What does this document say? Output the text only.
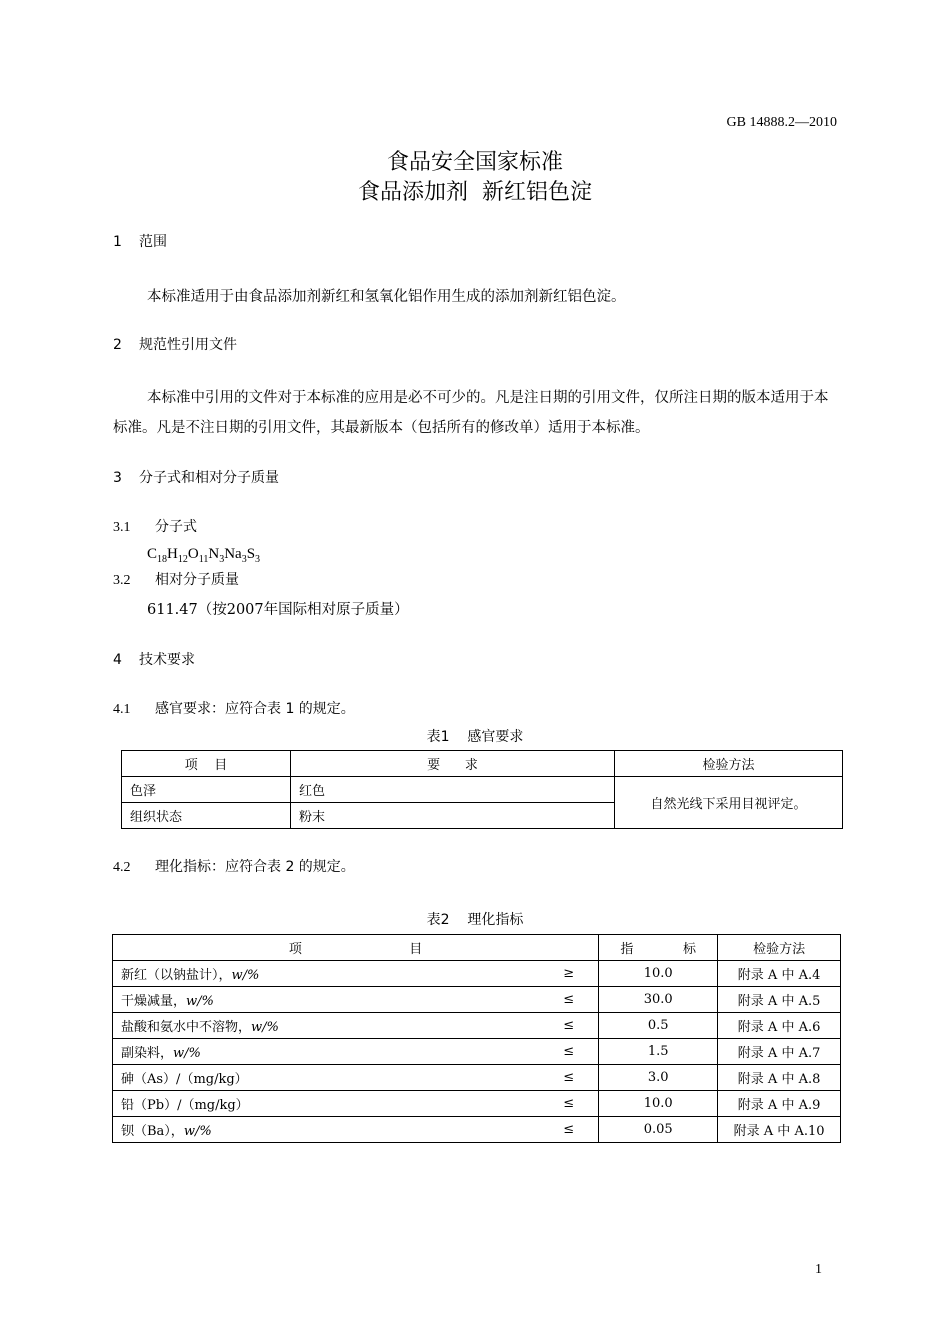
GB 14888.2—2010
食品安全国家标准
食品添加剂  新红铝色淀
1 范围
本标准适用于由食品添加剂新红和氢氧化铝作用生成的添加剂新红铝色淀。
2 规范性引用文件
本标准中引用的文件对于本标准的应用是必不可少的。凡是注日期的引用文件，仅所注日期的版本适用于本标准。凡是不注日期的引用文件，其最新版本（包括所有的修改单）适用于本标准。
3 分子式和相对分子质量
3.1 分子式
$C_{18}H_{12}O_{11}N_3Na_3S_3$
3.2 相对分子质量
611.47（按2007年国际相对原子质量）
4 技术要求
4.1 感官要求：应符合表 1 的规定。
表1    感官要求
项    目	要      求	检验方法
色泽	红色	自然光线下采用目视评定。
组织状态	粉末	
4.2 理化指标：应符合表 2 的规定。
表2    理化指标
项                          目		指            标	检验方法
新红（以钠盐计），w/%	≥	10.0	附录 A 中 A.4
干燥减量，w/%	≤	30.0	附录 A 中 A.5
盐酸和氨水中不溶物，w/%	≤	0.5	附录 A 中 A.6
副染料，w/%	≤	1.5	附录 A 中 A.7
砷（As）/（mg/kg）	≤	3.0	附录 A 中 A.8
铅（Pb）/（mg/kg）	≤	10.0	附录 A 中 A.9
钡（Ba），w/%	≤	0.05	附录 A 中 A.10
1
